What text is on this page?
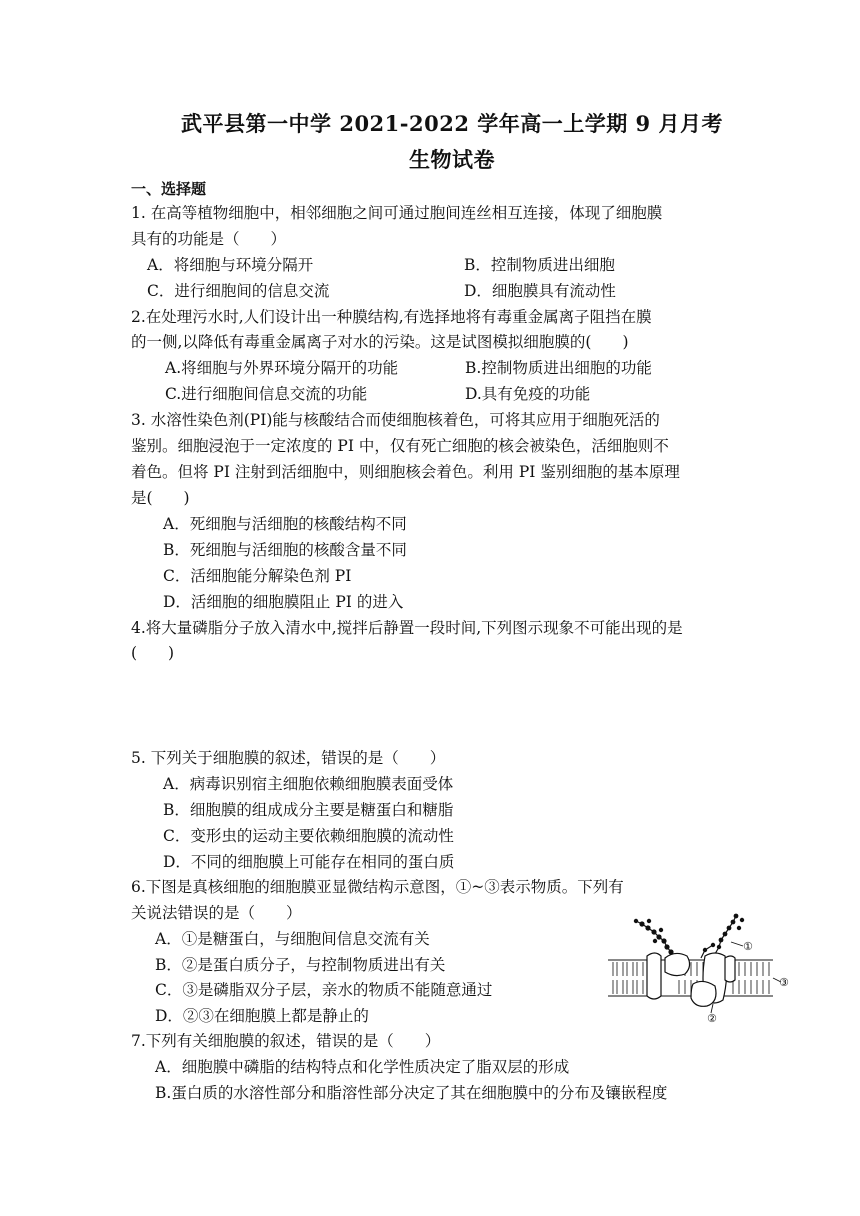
武平县第一中学 2021-2022 学年高一上学期 9 月月考
生物试卷
一、选择题
1. 在高等植物细胞中，相邻细胞之间可通过胞间连丝相互连接，体现了细胞膜
具有的功能是（　　）
A．将细胞与环境分隔开	B．控制物质进出细胞
C．进行细胞间的信息交流	D．细胞膜具有流动性
2.在处理污水时,人们设计出一种膜结构,有选择地将有毒重金属离子阻挡在膜
的一侧,以降低有毒重金属离子对水的污染。这是试图模拟细胞膜的(　　)
A.将细胞与外界环境分隔开的功能	B.控制物质进出细胞的功能
C.进行细胞间信息交流的功能	D.具有免疫的功能
3. 水溶性染色剂(PI)能与核酸结合而使细胞核着色，可将其应用于细胞死活的
鉴别。细胞浸泡于一定浓度的 PI 中，仅有死亡细胞的核会被染色，活细胞则不
着色。但将 PI 注射到活细胞中，则细胞核会着色。利用 PI 鉴别细胞的基本原理
是(　　)
A．死细胞与活细胞的核酸结构不同
B．死细胞与活细胞的核酸含量不同
C．活细胞能分解染色剂 PI
D．活细胞的细胞膜阻止 PI 的进入
4.将大量磷脂分子放入清水中,搅拌后静置一段时间,下列图示现象不可能出现的是
(　　)
5. 下列关于细胞膜的叙述，错误的是（　　）
A．病毒识别宿主细胞依赖细胞膜表面受体
B．细胞膜的组成成分主要是糖蛋白和糖脂
C．变形虫的运动主要依赖细胞膜的流动性
D．不同的细胞膜上可能存在相同的蛋白质
6.下图是真核细胞的细胞膜亚显微结构示意图，①~③表示物质。下列有
关说法错误的是（　　）
A．①是糖蛋白，与细胞间信息交流有关
B．②是蛋白质分子，与控制物质进出有关
C．③是磷脂双分子层，亲水的物质不能随意通过
D．②③在细胞膜上都是静止的
①
②
③
7.下列有关细胞膜的叙述，错误的是（　　）
A．细胞膜中磷脂的结构特点和化学性质决定了脂双层的形成
B.蛋白质的水溶性部分和脂溶性部分决定了其在细胞膜中的分布及镶嵌程度
